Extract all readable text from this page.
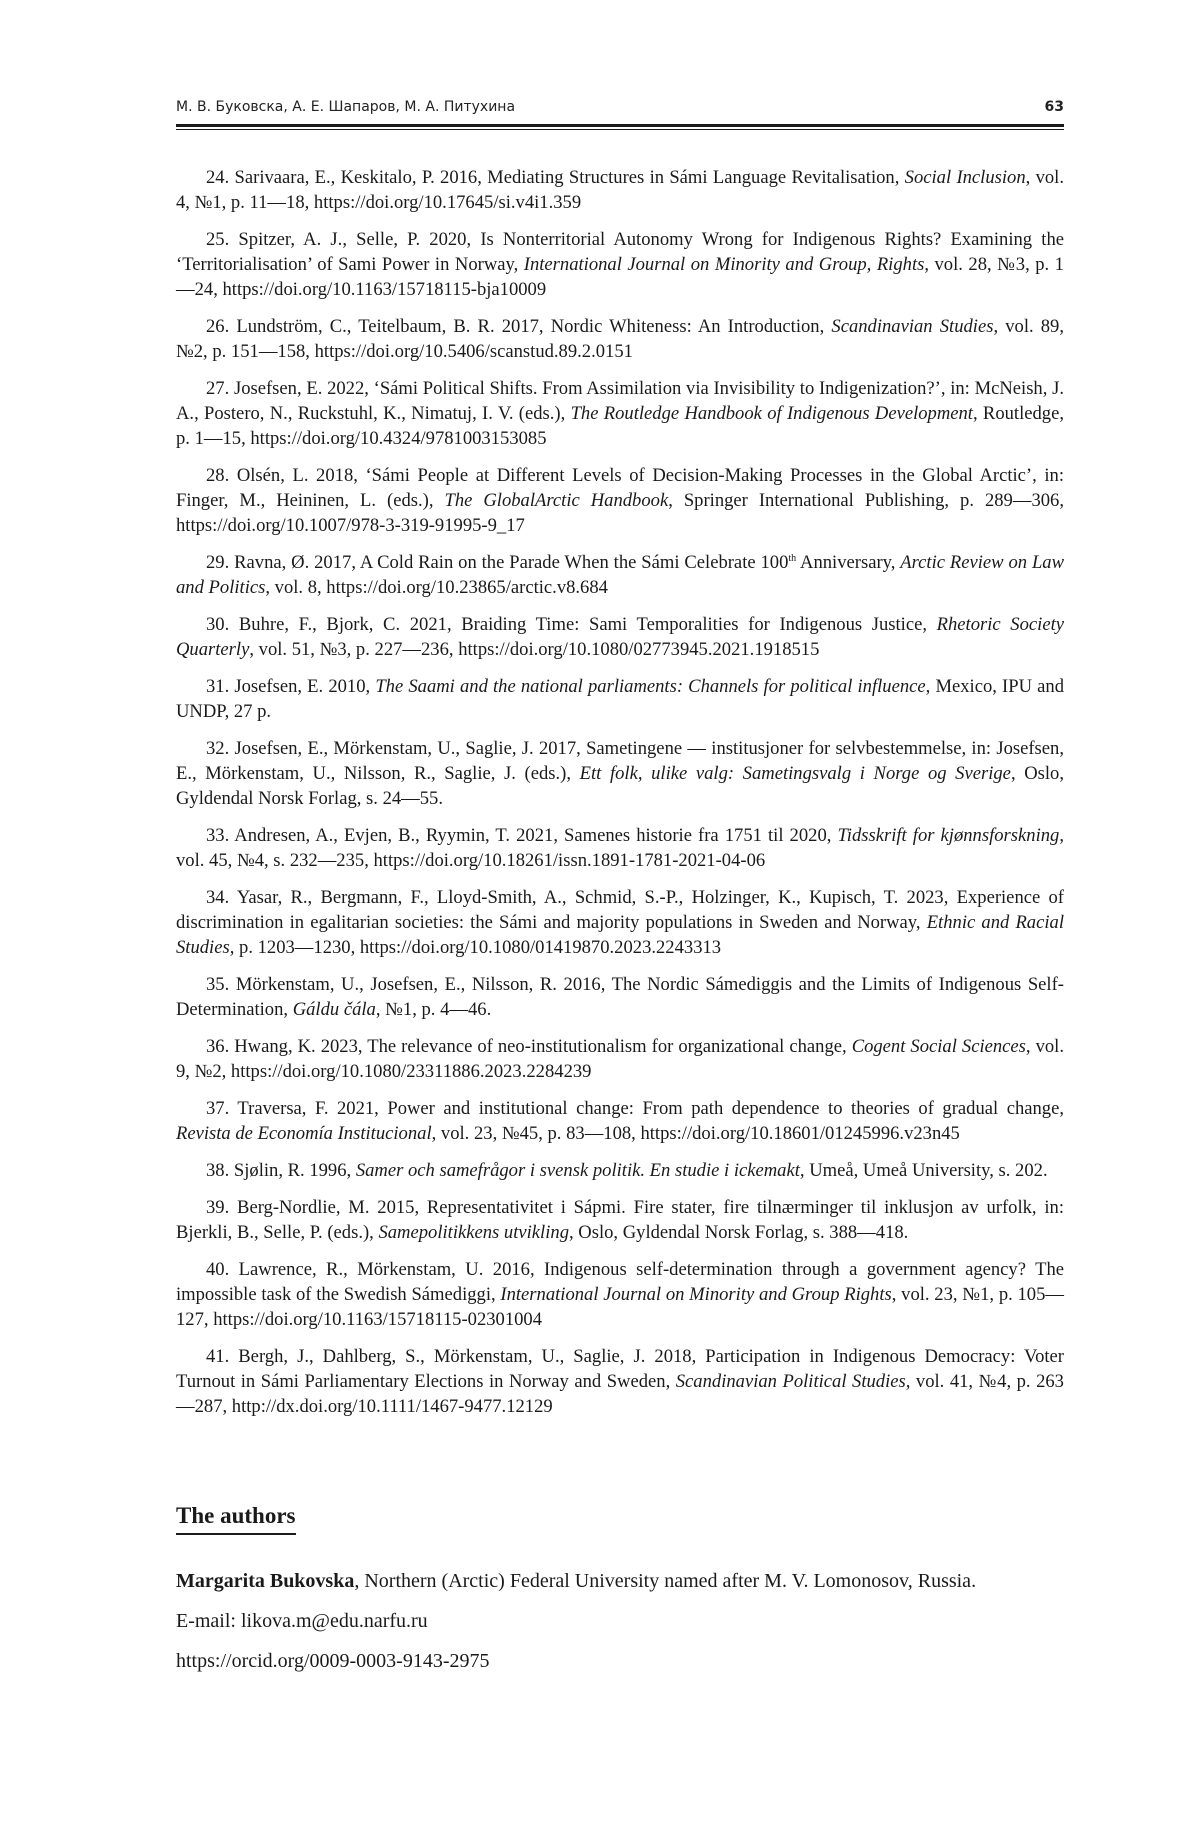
М. В. Буковска, А. Е. Шапаров, М. А. Питухина	63

24. Sarivaara, E., Keskitalo, P. 2016, Mediating Structures in Sámi Language Revitalisation, Social Inclusion, vol. 4, №1, p. 11—18, https://doi.org/10.17645/si.v4i1.359

25. Spitzer, A. J., Selle, P. 2020, Is Nonterritorial Autonomy Wrong for Indigenous Rights? Examining the ‘Territorialisation’ of Sami Power in Norway, International Journal on Minority and Group, Rights, vol. 28, №3, p. 1—24, https://doi.org/10.1163/15718115-bja10009

26. Lundström, C., Teitelbaum, B. R. 2017, Nordic Whiteness: An Introduction, Scandinavian Studies, vol. 89, №2, p. 151—158, https://doi.org/10.5406/scanstud.89.2.0151

27. Josefsen, E. 2022, ‘Sámi Political Shifts. From Assimilation via Invisibility to Indigenization?’, in: McNeish, J. A., Postero, N., Ruckstuhl, K., Nimatuj, I. V. (eds.), The Routledge Handbook of Indigenous Development, Routledge, p. 1—15, https://doi.org/10.4324/9781003153085

28. Olsén, L. 2018, ‘Sámi People at Different Levels of Decision-Making Processes in the Global Arctic’, in: Finger, M., Heininen, L. (eds.), The GlobalArctic Handbook, Springer International Publishing, p. 289—306, https://doi.org/10.1007/978-3-319-91995-9_17

29. Ravna, Ø. 2017, A Cold Rain on the Parade When the Sámi Celebrate 100th Anniversary, Arctic Review on Law and Politics, vol. 8, https://doi.org/10.23865/arctic.v8.684

30. Buhre, F., Bjork, C. 2021, Braiding Time: Sami Temporalities for Indigenous Justice, Rhetoric Society Quarterly, vol. 51, №3, p. 227—236, https://doi.org/10.1080/02773945.2021.1918515

31. Josefsen, E. 2010, The Saami and the national parliaments: Channels for political influence, Mexico, IPU and UNDP, 27 p.

32. Josefsen, E., Mörkenstam, U., Saglie, J. 2017, Sametingene — institusjoner for selvbestemmelse, in: Josefsen, E., Mörkenstam, U., Nilsson, R., Saglie, J. (eds.), Ett folk, ulike valg: Sametingsvalg i Norge og Sverige, Oslo, Gyldendal Norsk Forlag, s. 24—55.

33. Andresen, A., Evjen, B., Ryymin, T. 2021, Samenes historie fra 1751 til 2020, Tidsskrift for kjønnsforskning, vol. 45, №4, s. 232—235, https://doi.org/10.18261/issn.1891-1781-2021-04-06

34. Yasar, R., Bergmann, F., Lloyd-Smith, A., Schmid, S.-P., Holzinger, K., Kupisch, T. 2023, Experience of discrimination in egalitarian societies: the Sámi and majority populations in Sweden and Norway, Ethnic and Racial Studies, p. 1203—1230, https://doi.org/10.1080/01419870.2023.2243313

35. Mörkenstam, U., Josefsen, E., Nilsson, R. 2016, The Nordic Sámediggis and the Limits of Indigenous Self-Determination, Gáldu čála, №1, p. 4—46.

36. Hwang, K. 2023, The relevance of neo-institutionalism for organizational change, Cogent Social Sciences, vol. 9, №2, https://doi.org/10.1080/23311886.2023.2284239

37. Traversa, F. 2021, Power and institutional change: From path dependence to theories of gradual change, Revista de Economía Institucional, vol. 23, №45, p. 83—108, https://doi.org/10.18601/01245996.v23n45

38. Sjølin, R. 1996, Samer och samefrågor i svensk politik. En studie i ickemakt, Umeå, Umeå University, s. 202.

39. Berg-Nordlie, M. 2015, Representativitet i Sápmi. Fire stater, fire tilnærminger til inklusjon av urfolk, in: Bjerkli, B., Selle, P. (eds.), Samepolitikkens utvikling, Oslo, Gyldendal Norsk Forlag, s. 388—418.

40. Lawrence, R., Mörkenstam, U. 2016, Indigenous self-determination through a government agency? The impossible task of the Swedish Sámediggi, International Journal on Minority and Group Rights, vol. 23, №1, p. 105—127, https://doi.org/10.1163/15718115-02301004

41. Bergh, J., Dahlberg, S., Mörkenstam, U., Saglie, J. 2018, Participation in Indigenous Democracy: Voter Turnout in Sámi Parliamentary Elections in Norway and Sweden, Scandinavian Political Studies, vol. 41, №4, p. 263—287, http://dx.doi.org/10.1111/1467-9477.12129

The authors

Margarita Bukovska, Northern (Arctic) Federal University named after M. V. Lomonosov, Russia.

E-mail: likova.m@edu.narfu.ru

https://orcid.org/0009-0003-9143-2975
